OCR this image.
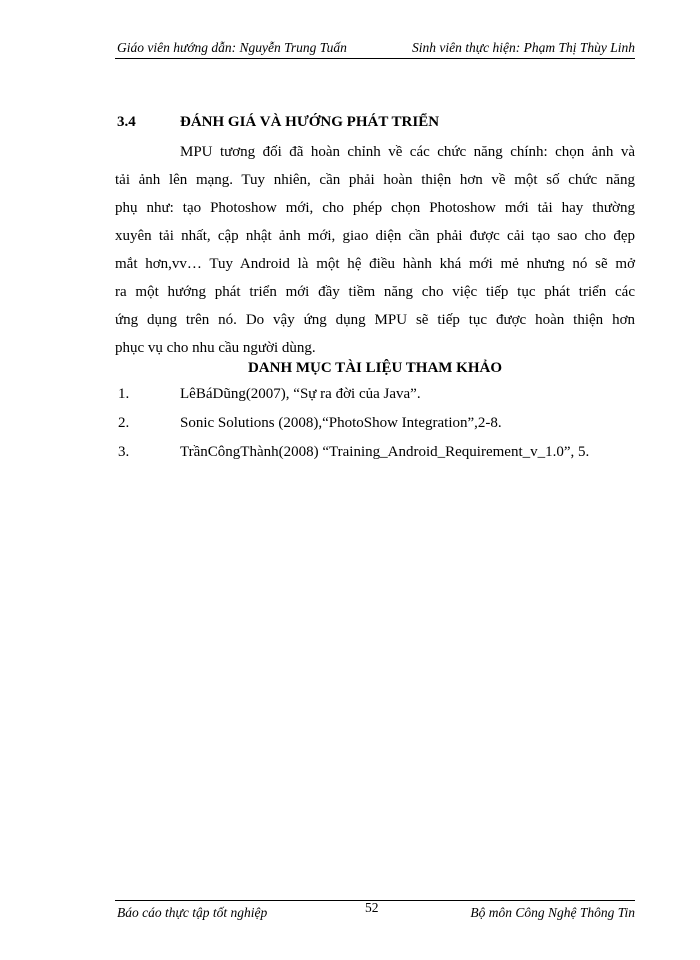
Giáo viên hướng dẫn: Nguyễn Trung Tuấn	Sinh viên thực hiện: Phạm Thị Thùy Linh
3.4	ĐÁNH GIÁ VÀ HƯỚNG PHÁT TRIỂN
MPU tương đối đã hoàn chỉnh về các chức năng chính: chọn ảnh và
tải ảnh lên mạng. Tuy nhiên, cần phải hoàn thiện hơn về một số chức năng
phụ như: tạo Photoshow mới, cho phép chọn Photoshow mới tải hay thường
xuyên tải nhất, cập nhật ảnh mới, giao diện cần phải được cải tạo sao cho đẹp
mắt hơn,vv… Tuy Android là một hệ điều hành khá mới mẻ nhưng nó sẽ mở
ra một hướng phát triển mới đầy tiềm năng cho việc tiếp tục phát triển các
ứng dụng trên nó. Do vậy ứng dụng MPU sẽ tiếp tục được hoàn thiện hơn
phục vụ cho nhu cầu người dùng.
DANH MỤC TÀI LIỆU THAM KHẢO
1.	LêBáDũng(2007), “Sự ra đời của Java”.
2.	Sonic Solutions (2008),“PhotoShow Integration”,2-8.
3.	TrầnCôngThành(2008) “Training_Android_Requirement_v_1.0”, 5.
Báo cáo thực tập tốt nghiệp	52	Bộ môn Công Nghệ Thông Tin
